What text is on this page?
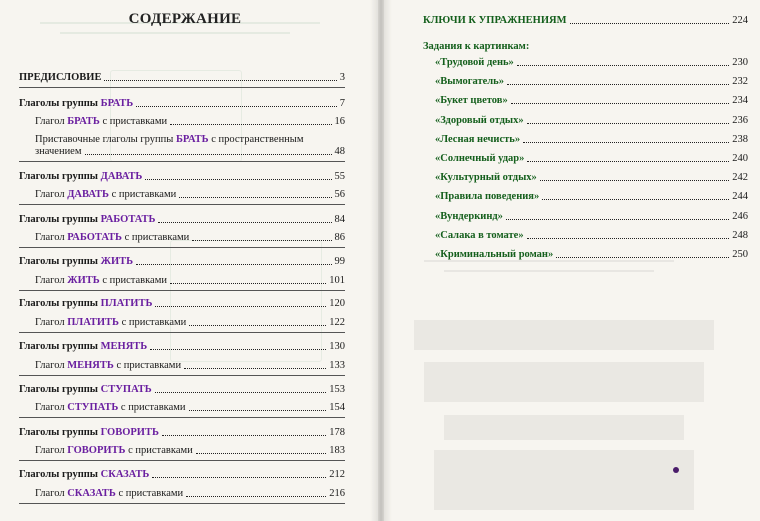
СОДЕРЖАНИЕ
ПРЕДИСЛОВИЕ	3
Глаголы группы БРАТЬ	7
Глагол БРАТЬ с приставками	16
Приставочные глаголы группы БРАТЬ с пространственным
значением	48
Глаголы группы ДАВАТЬ	55
Глагол ДАВАТЬ с приставками	56
Глаголы группы РАБОТАТЬ	84
Глагол РАБОТАТЬ с приставками	86
Глаголы группы ЖИТЬ	99
Глагол ЖИТЬ с приставками	101
Глаголы группы ПЛАТИТЬ	120
Глагол ПЛАТИТЬ с приставками	122
Глаголы группы МЕНЯТЬ	130
Глагол МЕНЯТЬ с приставками	133
Глаголы группы СТУПАТЬ	153
Глагол СТУПАТЬ с приставками	154
Глаголы группы ГОВОРИТЬ	178
Глагол ГОВОРИТЬ с приставками	183
Глаголы группы СКАЗАТЬ	212
Глагол СКАЗАТЬ с приставками	216
КЛЮЧИ К УПРАЖНЕНИЯМ	224
Задания к картинкам:
«Трудовой день»	230
«Вымогатель»	232
«Букет цветов»	234
«Здоровый отдых»	236
«Лесная нечисть»	238
«Солнечный удар»	240
«Культурный отдых»	242
«Правила поведения»	244
«Вундеркинд»	246
«Салака в томате»	248
«Криминальный роман»	250
